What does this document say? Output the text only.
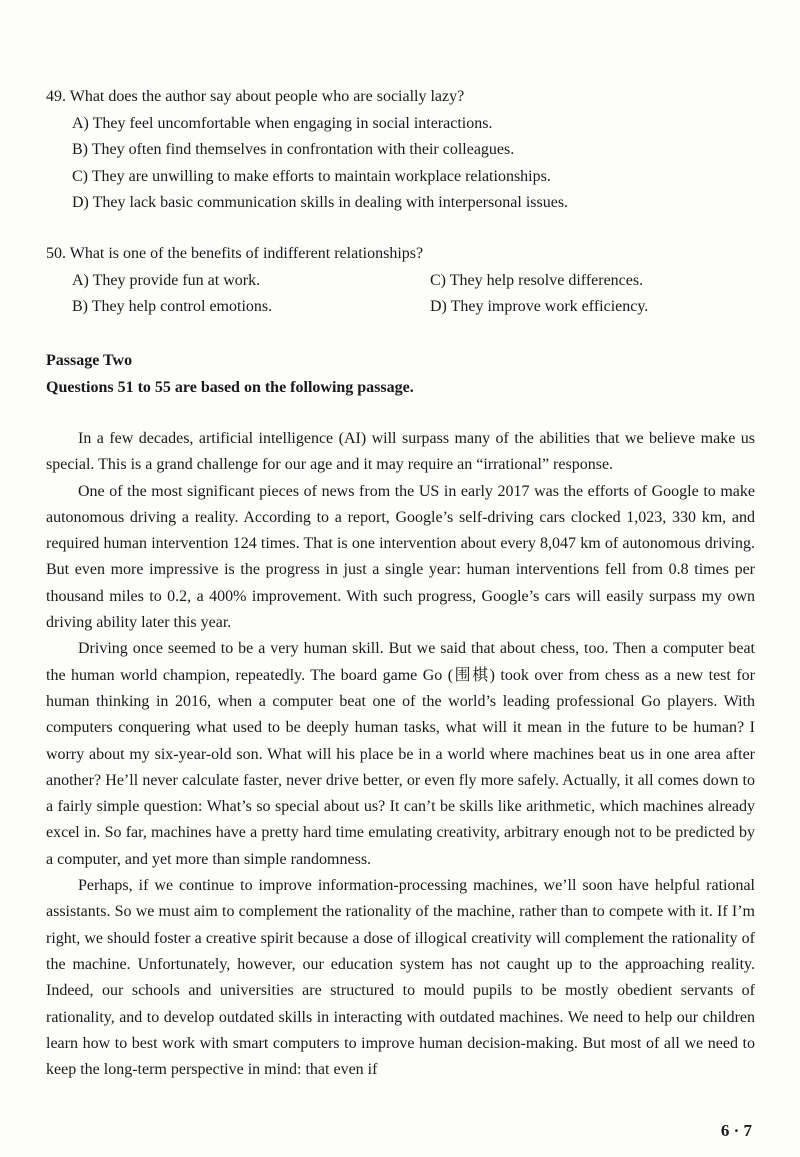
49. What does the author say about people who are socially lazy?
A) They feel uncomfortable when engaging in social interactions.
B) They often find themselves in confrontation with their colleagues.
C) They are unwilling to make efforts to maintain workplace relationships.
D) They lack basic communication skills in dealing with interpersonal issues.
50. What is one of the benefits of indifferent relationships?
A) They provide fun at work.	C) They help resolve differences.
B) They help control emotions.	D) They improve work efficiency.
Passage Two
Questions 51 to 55 are based on the following passage.

In a few decades, artificial intelligence (AI) will surpass many of the abilities that we believe make us special. This is a grand challenge for our age and it may require an “irrational” response.

One of the most significant pieces of news from the US in early 2017 was the efforts of Google to make autonomous driving a reality. According to a report, Google’s self-driving cars clocked 1,023, 330 km, and required human intervention 124 times. That is one intervention about every 8,047 km of autonomous driving. But even more impressive is the progress in just a single year: human interventions fell from 0.8 times per thousand miles to 0.2, a 400% improvement. With such progress, Google’s cars will easily surpass my own driving ability later this year.

Driving once seemed to be a very human skill. But we said that about chess, too. Then a computer beat the human world champion, repeatedly. The board game Go (围棋) took over from chess as a new test for human thinking in 2016, when a computer beat one of the world’s leading professional Go players. With computers conquering what used to be deeply human tasks, what will it mean in the future to be human? I worry about my six-year-old son. What will his place be in a world where machines beat us in one area after another? He’ll never calculate faster, never drive better, or even fly more safely. Actually, it all comes down to a fairly simple question: What’s so special about us? It can’t be skills like arithmetic, which machines already excel in. So far, machines have a pretty hard time emulating creativity, arbitrary enough not to be predicted by a computer, and yet more than simple randomness.

Perhaps, if we continue to improve information-processing machines, we’ll soon have helpful rational assistants. So we must aim to complement the rationality of the machine, rather than to compete with it. If I’m right, we should foster a creative spirit because a dose of illogical creativity will complement the rationality of the machine. Unfortunately, however, our education system has not caught up to the approaching reality. Indeed, our schools and universities are structured to mould pupils to be mostly obedient servants of rationality, and to develop outdated skills in interacting with outdated machines. We need to help our children learn how to best work with smart computers to improve human decision-making. But most of all we need to keep the long-term perspective in mind: that even if

6 · 7
